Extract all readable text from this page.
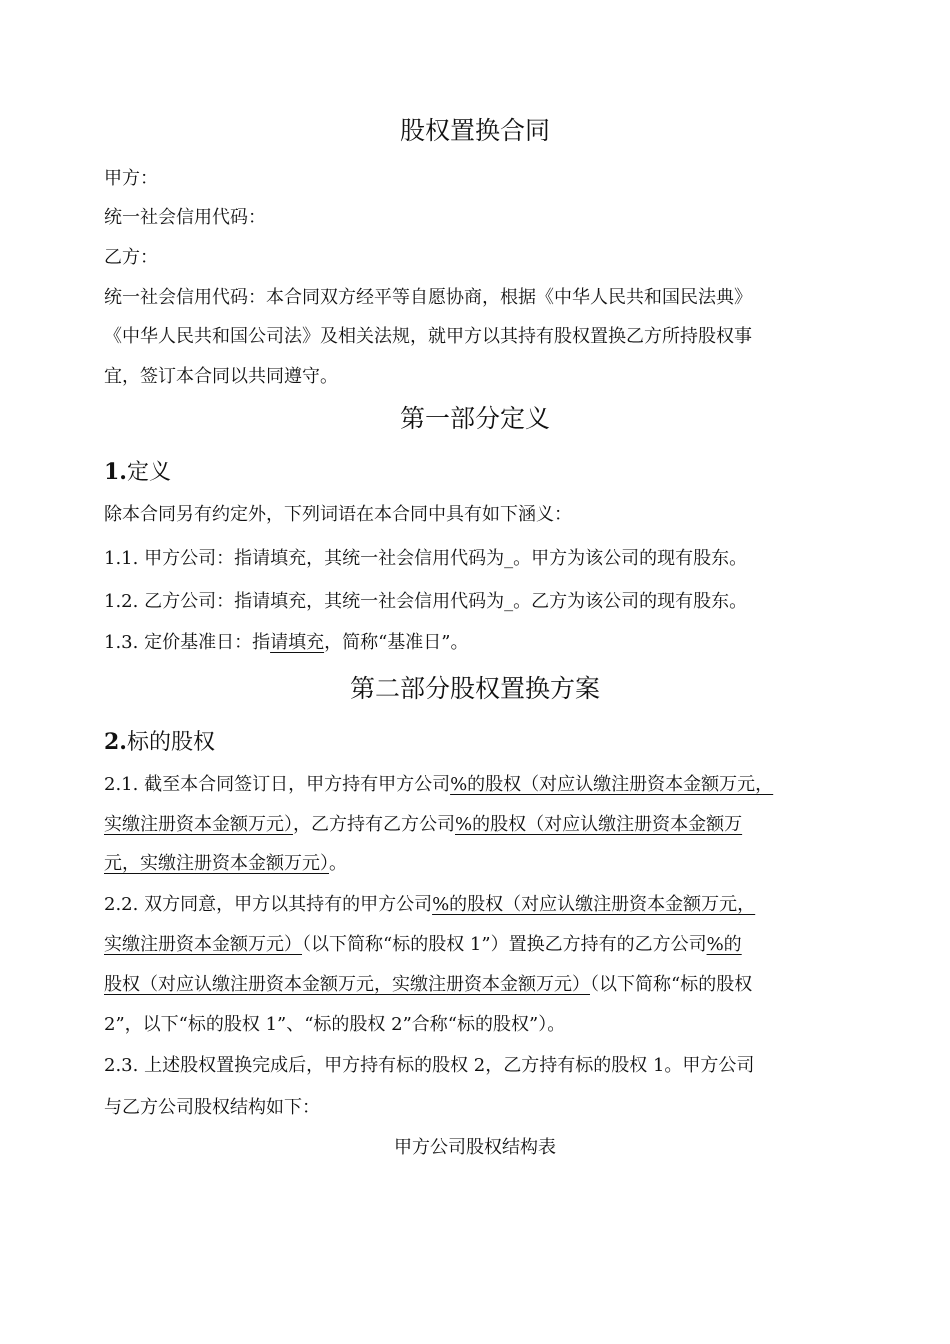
股权置换合同
甲方：
统一社会信用代码：
乙方：
统一社会信用代码：本合同双方经平等自愿协商，根据《中华人民共和国民法典》
《中华人民共和国公司法》及相关法规，就甲方以其持有股权置换乙方所持股权事
宜，签订本合同以共同遵守。
第一部分定义
1.定义
除本合同另有约定外，下列词语在本合同中具有如下涵义：
1.1. 甲方公司：指请填充，其统一社会信用代码为_。甲方为该公司的现有股东。
1.2. 乙方公司：指请填充，其统一社会信用代码为_。乙方为该公司的现有股东。
1.3. 定价基准日：指请填充，简称“基准日”。
第二部分股权置换方案
2.标的股权
2.1. 截至本合同签订日，甲方持有甲方公司%的股权（对应认缴注册资本金额万元，
实缴注册资本金额万元），乙方持有乙方公司%的股权（对应认缴注册资本金额万
元，实缴注册资本金额万元）。
2.2. 双方同意，甲方以其持有的甲方公司%的股权（对应认缴注册资本金额万元，
实缴注册资本金额万元）（以下简称“标的股权 1”）置换乙方持有的乙方公司%的
股权（对应认缴注册资本金额万元，实缴注册资本金额万元）（以下简称“标的股权
2”，以下“标的股权 1”、“标的股权 2”合称“标的股权”）。
2.3. 上述股权置换完成后，甲方持有标的股权 2，乙方持有标的股权 1。甲方公司
与乙方公司股权结构如下：
甲方公司股权结构表
